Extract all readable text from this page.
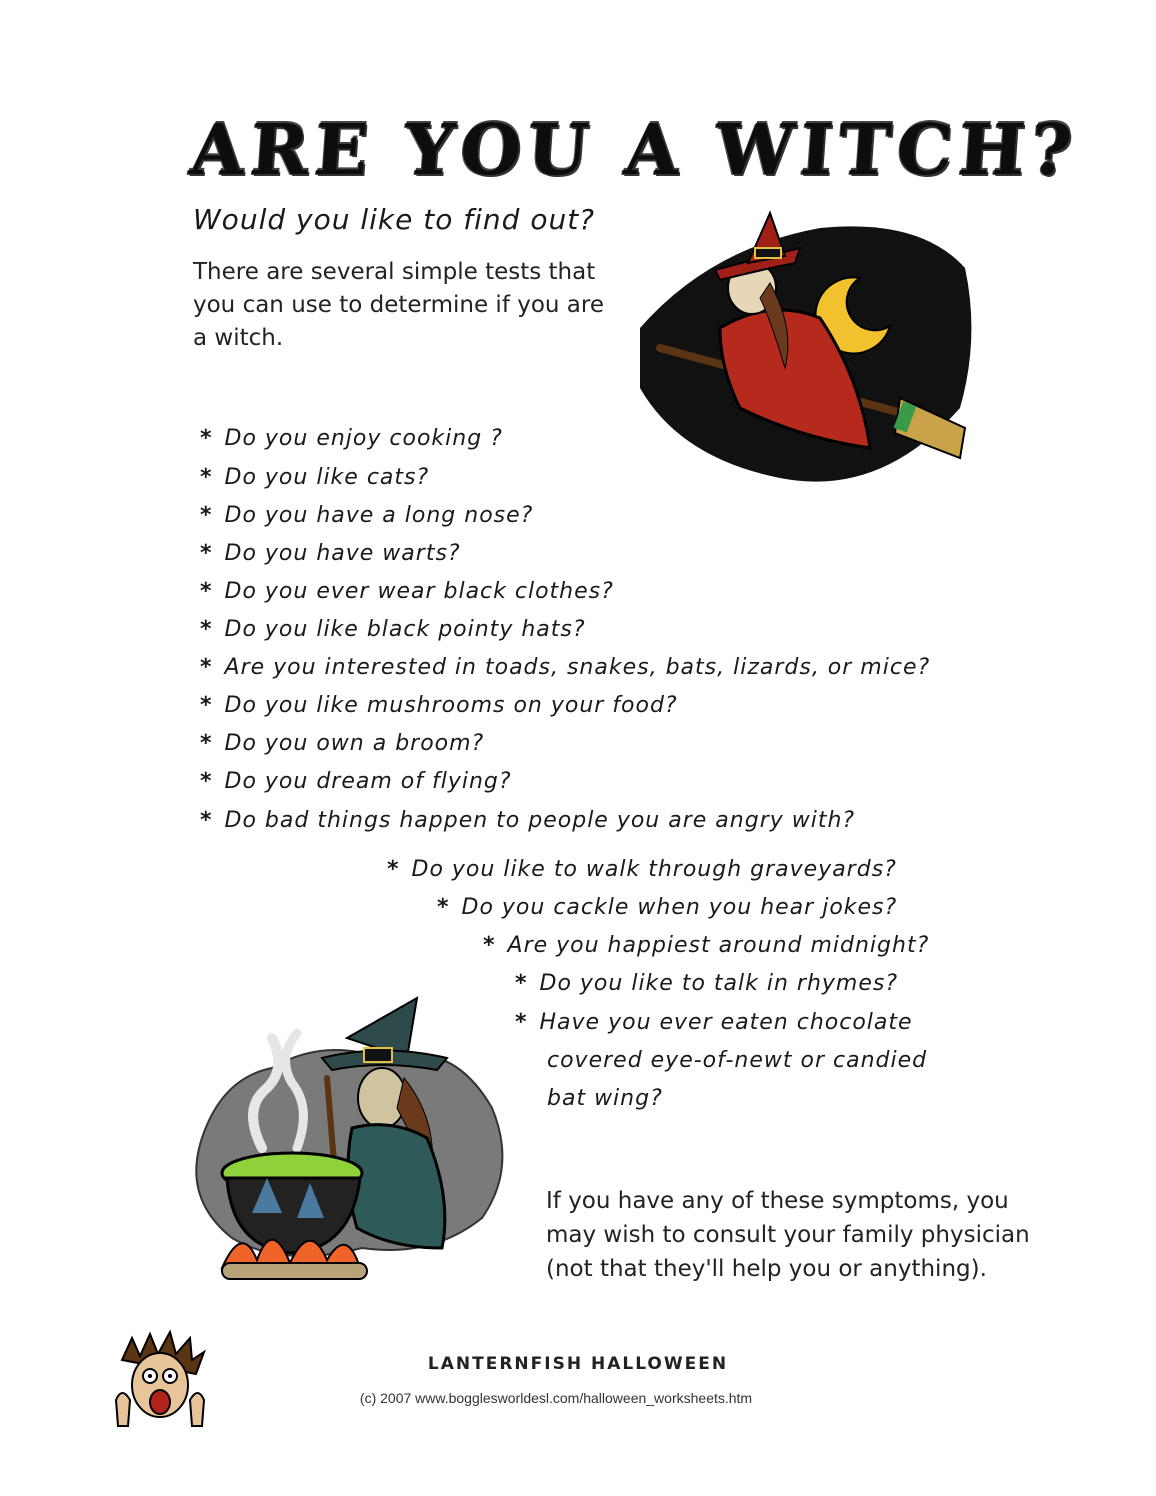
ARE YOU A WITCH?
Would you like to find out?
There are several simple tests that you can use to determine if you are a witch.
* Do you enjoy cooking ?
* Do you like cats?
* Do you have a long nose?
* Do you have warts?
* Do you ever wear black clothes?
* Do you like black pointy hats?
* Are you interested in toads, snakes, bats, lizards, or mice?
* Do you like mushrooms on your food?
* Do you own a broom?
* Do you dream of flying?
* Do bad things happen to people you are angry with?
* Do you like to walk through graveyards?
* Do you cackle when you hear jokes?
* Are you happiest around midnight?
* Do you like to talk in rhymes?
* Have you ever eaten chocolate
covered eye-of-newt or candied
bat wing?
If you have any of these symptoms, you may wish to consult your family physician (not that they'll help you or anything).
LANTERNFISH HALLOWEEN
(c) 2007 www.bogglesworldesl.com/halloween_worksheets.htm
